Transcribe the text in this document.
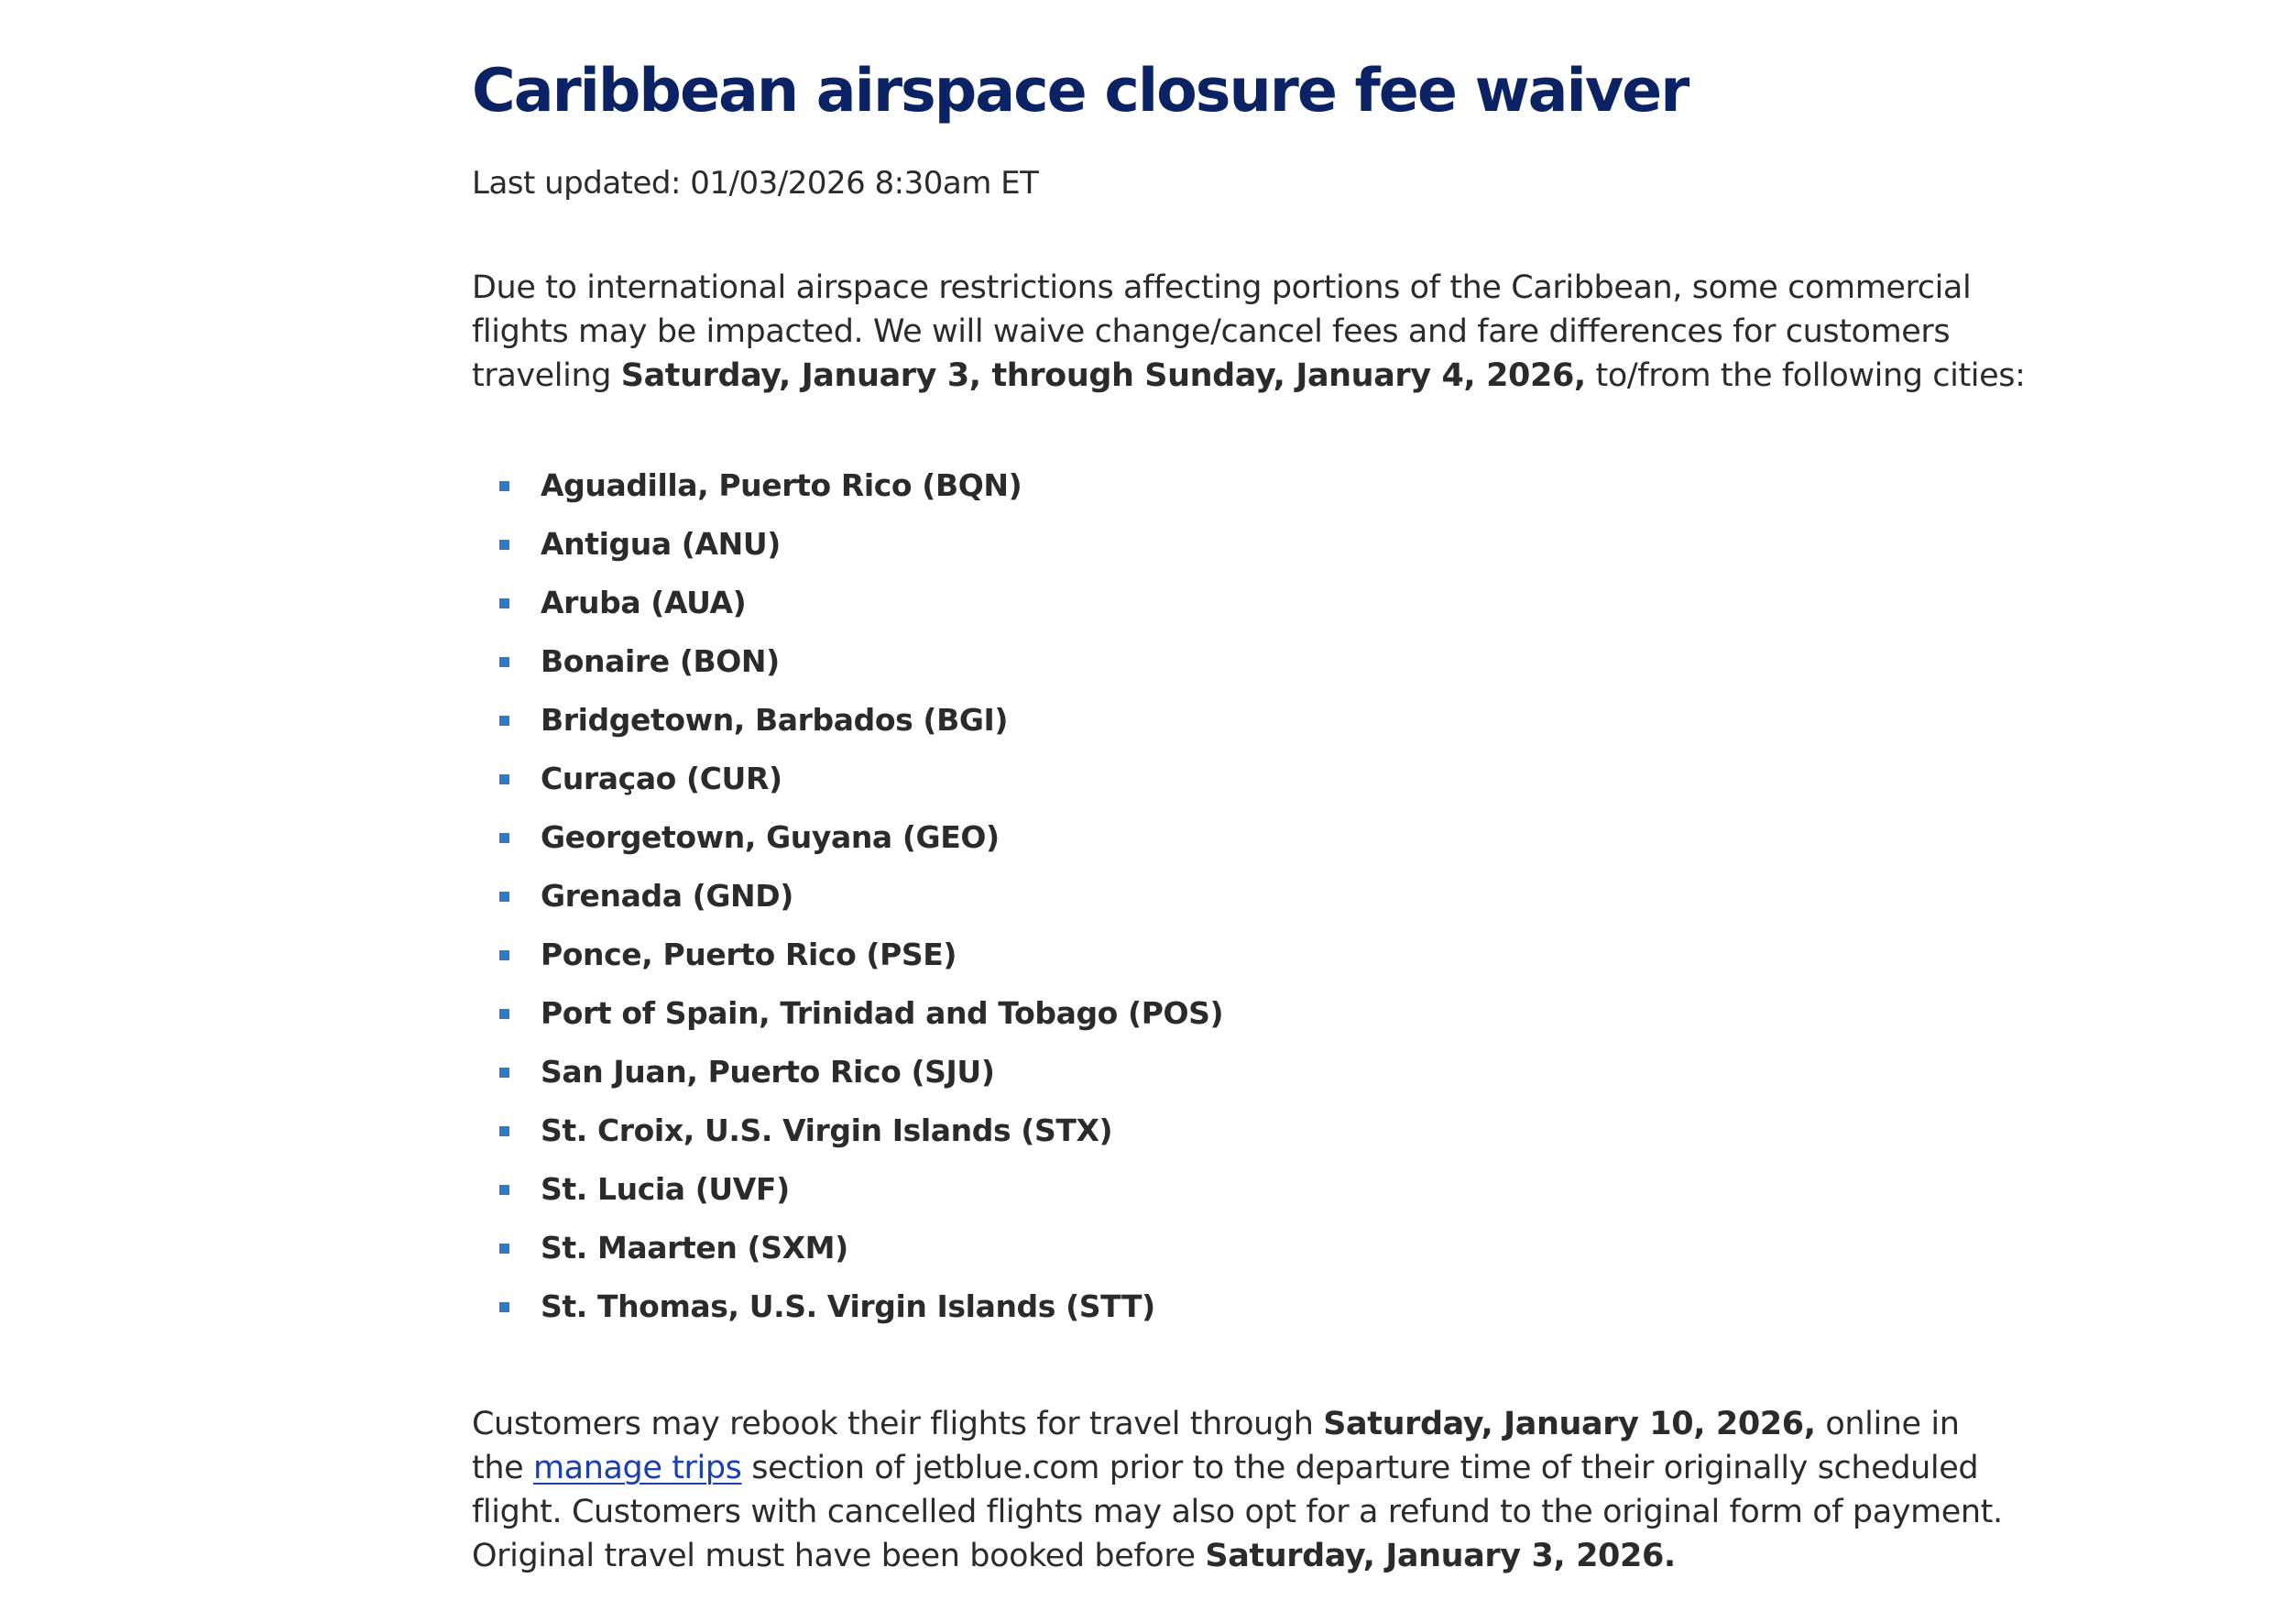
Caribbean airspace closure fee waiver
Last updated: 01/03/2026 8:30am ET

Due to international airspace restrictions affecting portions of the Caribbean, some commercial
flights may be impacted. We will waive change/cancel fees and fare differences for customers
traveling Saturday, January 3, through Sunday, January 4, 2026, to/from the following cities:

Aguadilla, Puerto Rico (BQN)
Antigua (ANU)
Aruba (AUA)
Bonaire (BON)
Bridgetown, Barbados (BGI)
Curaçao (CUR)
Georgetown, Guyana (GEO)
Grenada (GND)
Ponce, Puerto Rico (PSE)
Port of Spain, Trinidad and Tobago (POS)
San Juan, Puerto Rico (SJU)
St. Croix, U.S. Virgin Islands (STX)
St. Lucia (UVF)
St. Maarten (SXM)
St. Thomas, U.S. Virgin Islands (STT)

Customers may rebook their flights for travel through Saturday, January 10, 2026, online in
the manage trips section of jetblue.com prior to the departure time of their originally scheduled
flight. Customers with cancelled flights may also opt for a refund to the original form of payment.
Original travel must have been booked before Saturday, January 3, 2026.
